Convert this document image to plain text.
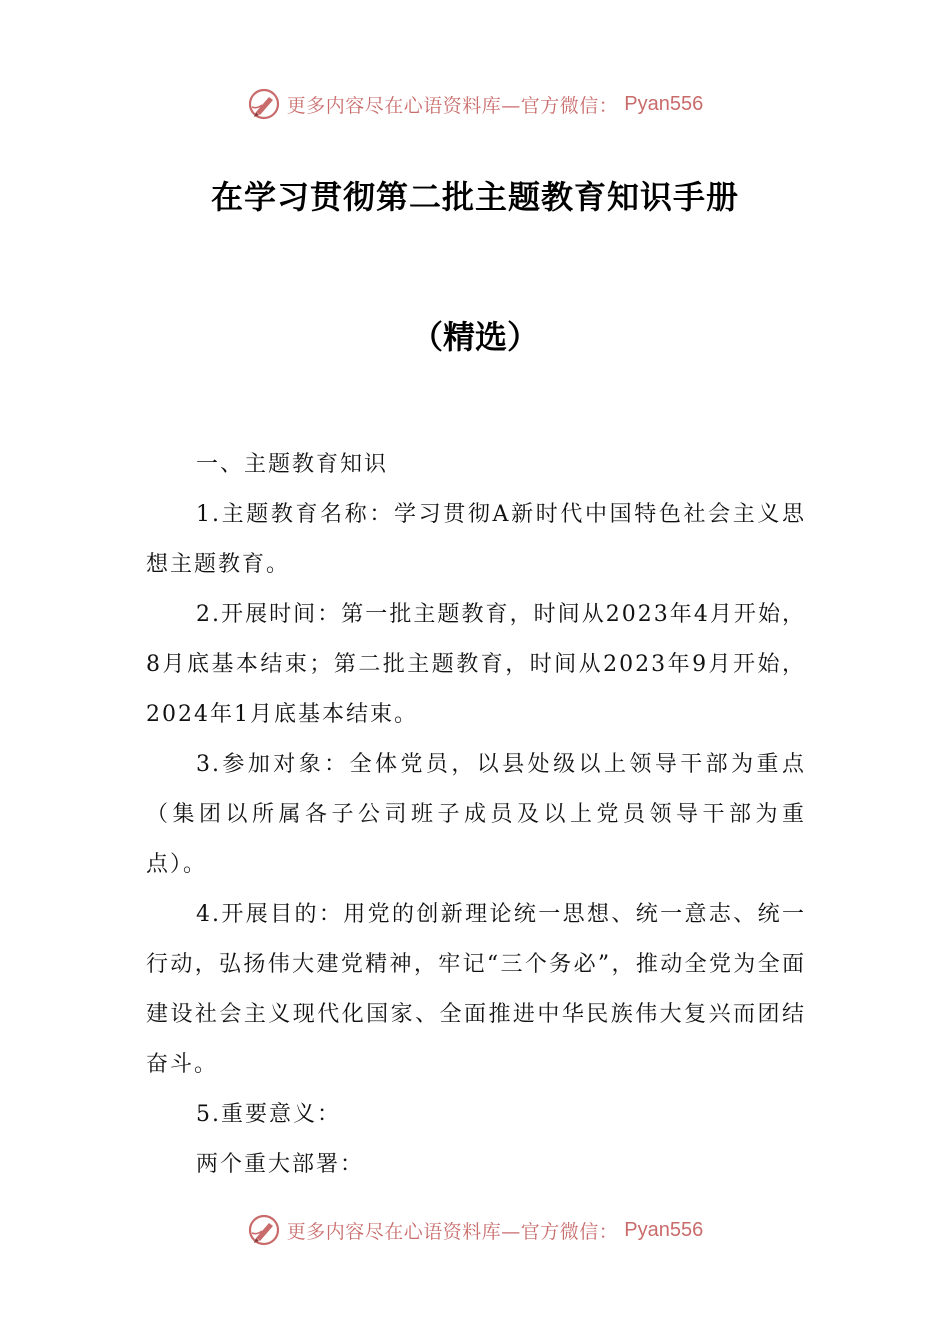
更多内容尽在心语资料库—官方微信： Pyan556
在学习贯彻第二批主题教育知识手册
（精选）

一、主题教育知识

1.主题教育名称：学习贯彻A新时代中国特色社会主义思想主题教育。

2.开展时间：第一批主题教育，时间从2023年4月开始，8月底基本结束；第二批主题教育，时间从2023年9月开始，2024年1月底基本结束。

3.参加对象：全体党员，以县处级以上领导干部为重点（集团以所属各子公司班子成员及以上党员领导干部为重点）。

4.开展目的：用党的创新理论统一思想、统一意志、统一行动，弘扬伟大建党精神，牢记“三个务必”，推动全党为全面建设社会主义现代化国家、全面推进中华民族伟大复兴而团结奋斗。

5.重要意义：

两个重大部署：

更多内容尽在心语资料库—官方微信： Pyan556
